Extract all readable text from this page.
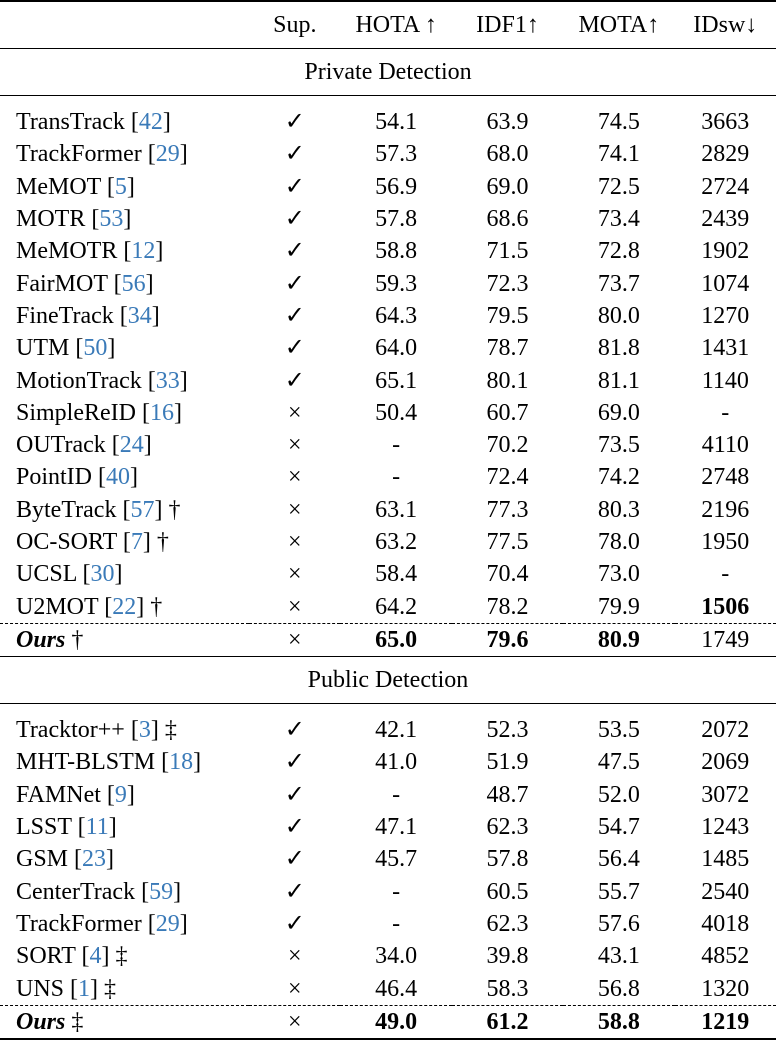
	Sup.	HOTA ↑	IDF1↑	MOTA↑	IDsw↓
Private Detection					
TransTrack [42]	✓	54.1	63.9	74.5	3663
TrackFormer [29]	✓	57.3	68.0	74.1	2829
MeMOT [5]	✓	56.9	69.0	72.5	2724
MOTR [53]	✓	57.8	68.6	73.4	2439
MeMOTR [12]	✓	58.8	71.5	72.8	1902
FairMOT [56]	✓	59.3	72.3	73.7	1074
FineTrack [34]	✓	64.3	79.5	80.0	1270
UTM [50]	✓	64.0	78.7	81.8	1431
MotionTrack [33]	✓	65.1	80.1	81.1	1140
SimpleReID [16]	×	50.4	60.7	69.0	-
OUTrack [24]	×	-	70.2	73.5	4110
PointID [40]	×	-	72.4	74.2	2748
ByteTrack [57] †	×	63.1	77.3	80.3	2196
OC-SORT [7] †	×	63.2	77.5	78.0	1950
UCSL [30]	×	58.4	70.4	73.0	-
U2MOT [22] †	×	64.2	78.2	79.9	1506
Ours †	×	65.0	79.6	80.9	1749
Public Detection					
Tracktor++ [3] ‡	✓	42.1	52.3	53.5	2072
MHT-BLSTM [18]	✓	41.0	51.9	47.5	2069
FAMNet [9]	✓	-	48.7	52.0	3072
LSST [11]	✓	47.1	62.3	54.7	1243
GSM [23]	✓	45.7	57.8	56.4	1485
CenterTrack [59]	✓	-	60.5	55.7	2540
TrackFormer [29]	✓	-	62.3	57.6	4018
SORT [4] ‡	×	34.0	39.8	43.1	4852
UNS [1] ‡	×	46.4	58.3	56.8	1320
Ours ‡	×	49.0	61.2	58.8	1219
